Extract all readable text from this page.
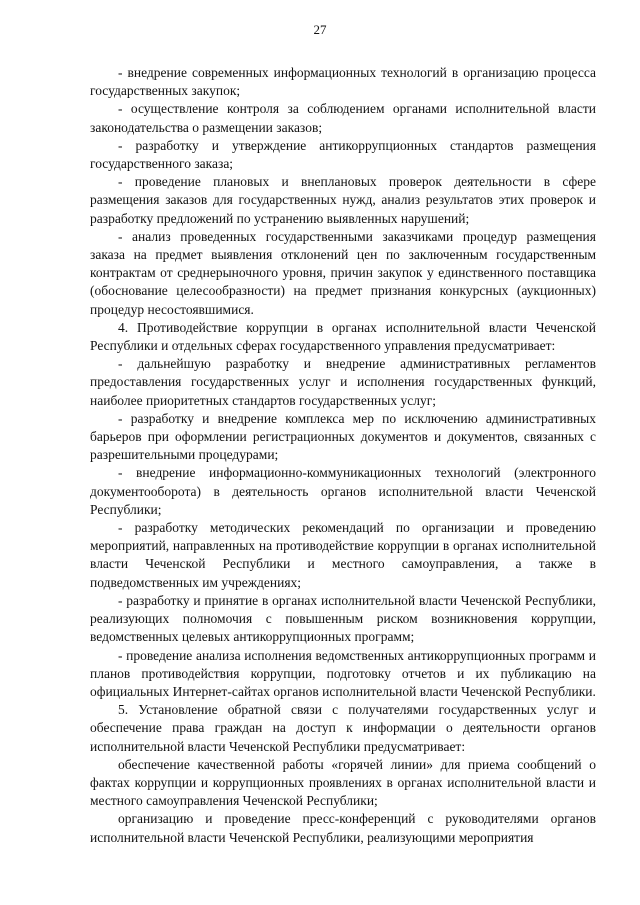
27

- внедрение современных информационных технологий в организацию процесса государственных закупок;

- осуществление контроля за соблюдением органами исполнительной власти законодательства о размещении заказов;

- разработку и утверждение антикоррупционных стандартов размещения государственного заказа;

- проведение плановых и внеплановых проверок деятельности в сфере размещения заказов для государственных нужд, анализ результатов этих проверок и разработку предложений по устранению выявленных нарушений;

- анализ проведенных государственными заказчиками процедур размещения заказа на предмет выявления отклонений цен по заключенным государственным контрактам от среднерыночного уровня, причин закупок у единственного поставщика (обоснование целесообразности) на предмет признания конкурсных (аукционных) процедур несостоявшимися.

4. Противодействие коррупции в органах исполнительной власти Чеченской Республики и отдельных сферах государственного управления предусматривает:

- дальнейшую разработку и внедрение административных регламентов предоставления государственных услуг и исполнения государственных функций, наиболее приоритетных стандартов государственных услуг;

- разработку и внедрение комплекса мер по исключению административных барьеров при оформлении регистрационных документов и документов, связанных с разрешительными процедурами;

- внедрение информационно-коммуникационных технологий (электронного документооборота) в деятельность органов исполнительной власти Чеченской Республики;

- разработку методических рекомендаций по организации и проведению мероприятий, направленных на противодействие коррупции в органах исполнительной власти Чеченской Республики и местного самоуправления, а также в подведомственных им учреждениях;

- разработку и принятие в органах исполнительной власти Чеченской Республики, реализующих полномочия с повышенным риском возникновения коррупции, ведомственных целевых антикоррупционных программ;

- проведение анализа исполнения ведомственных антикоррупционных программ и планов противодействия коррупции, подготовку отчетов и их публикацию на официальных Интернет-сайтах органов исполнительной власти Чеченской Республики.

5. Установление обратной связи с получателями государственных услуг и обеспечение права граждан на доступ к информации о деятельности органов исполнительной власти Чеченской Республики предусматривает:

обеспечение качественной работы «горячей линии» для приема сообщений о фактах коррупции и коррупционных проявлениях в органах исполнительной власти и местного самоуправления Чеченской Республики;

организацию и проведение пресс-конференций с руководителями органов исполнительной власти Чеченской Республики, реализующими мероприятия
